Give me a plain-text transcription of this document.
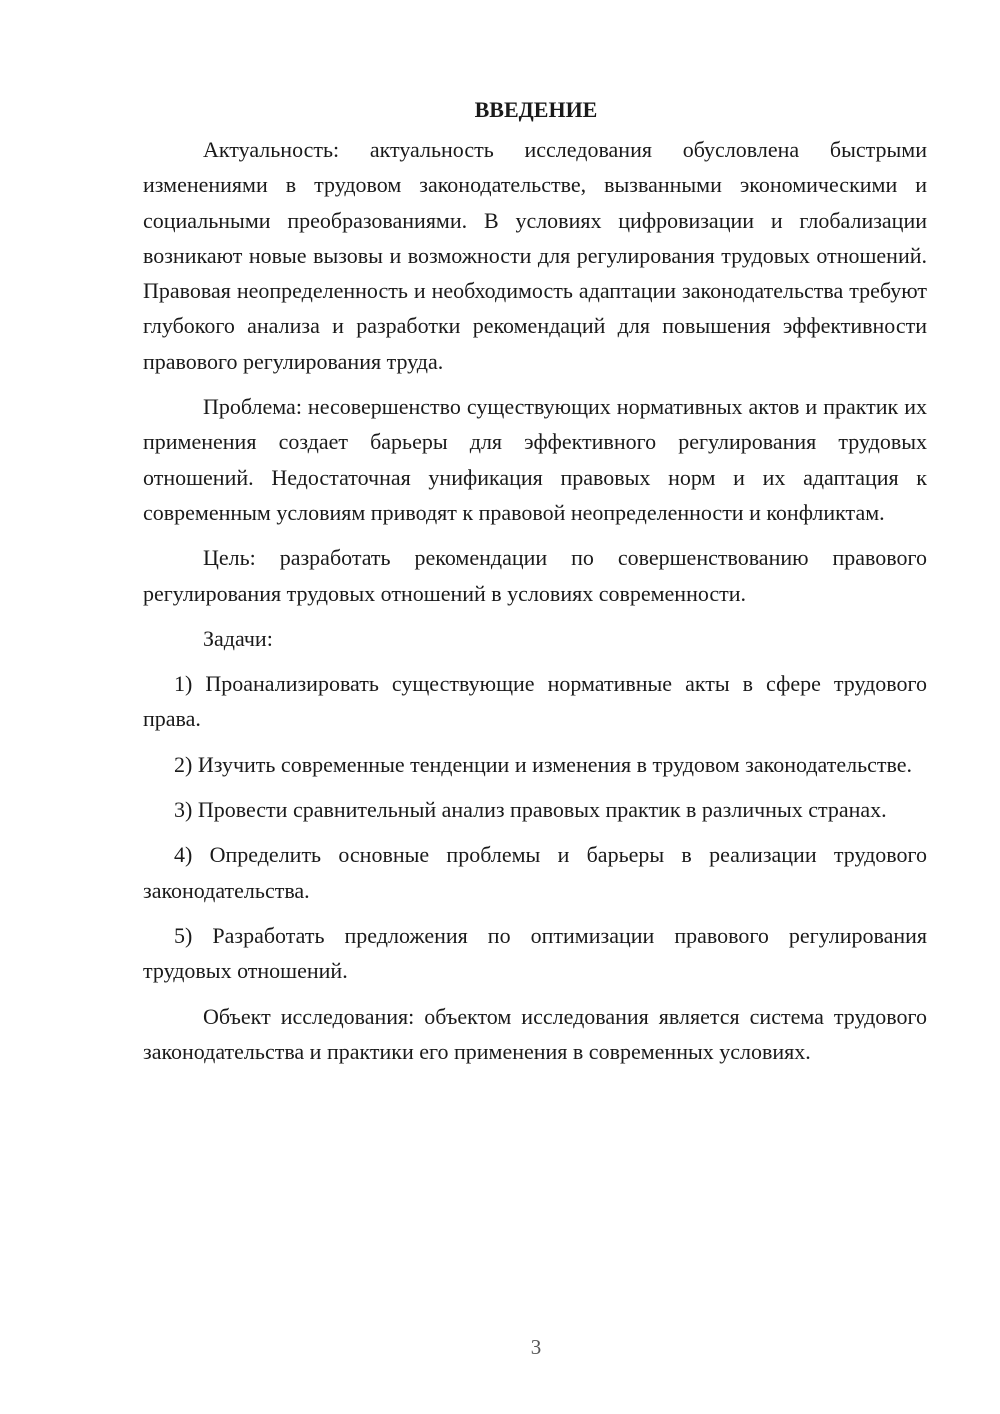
ВВЕДЕНИЕ

Актуальность: актуальность исследования обусловлена быстрыми изменениями в трудовом законодательстве, вызванными экономическими и социальными преобразованиями. В условиях цифровизации и глобализации возникают новые вызовы и возможности для регулирования трудовых отношений. Правовая неопределенность и необходимость адаптации законодательства требуют глубокого анализа и разработки рекомендаций для повышения эффективности правового регулирования труда.

Проблема: несовершенство существующих нормативных актов и практик их применения создает барьеры для эффективного регулирования трудовых отношений. Недостаточная унификация правовых норм и их адаптация к современным условиям приводят к правовой неопределенности и конфликтам.

Цель: разработать рекомендации по совершенствованию правового регулирования трудовых отношений в условиях современности.

Задачи:

1) Проанализировать существующие нормативные акты в сфере трудового права.

2) Изучить современные тенденции и изменения в трудовом законодательстве.

3) Провести сравнительный анализ правовых практик в различных странах.

4) Определить основные проблемы и барьеры в реализации трудового законодательства.

5) Разработать предложения по оптимизации правового регулирования трудовых отношений.

Объект исследования: объектом исследования является система трудового законодательства и практики его применения в современных условиях.

3
